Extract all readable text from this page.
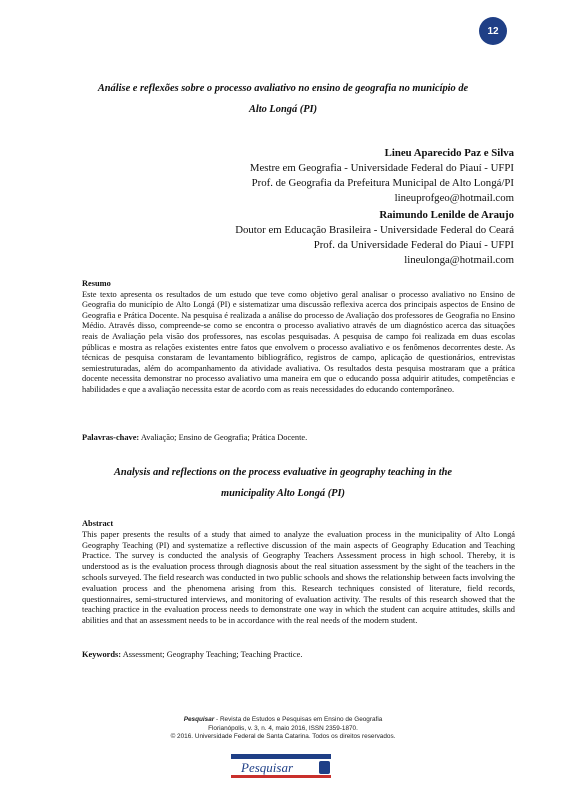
12
Análise e reflexões sobre o processo avaliativo no ensino de geografia no município de
Alto Longá (PI)
Lineu Aparecido Paz e Silva
Mestre em Geografia - Universidade Federal do Piauí - UFPI
Prof. de Geografia da Prefeitura Municipal de Alto Longá/PI
lineuprofgeo@hotmail.com
Raimundo Lenilde de Araujo
Doutor em Educação Brasileira - Universidade Federal do Ceará
Prof. da Universidade Federal do Piauí - UFPI
lineulonga@hotmail.com
Resumo
Este texto apresenta os resultados de um estudo que teve como objetivo geral analisar o processo avaliativo no Ensino de Geografia do município de Alto Longá (PI) e sistematizar uma discussão reflexiva acerca dos principais aspectos de Ensino de Geografia e Prática Docente. Na pesquisa é realizada a análise do processo de Avaliação dos professores de Geografia no Ensino Médio. Através disso, compreende-se como se encontra o processo avaliativo através de um diagnóstico acerca das situações reais de Avaliação pela visão dos professores, nas escolas pesquisadas. A pesquisa de campo foi realizada em duas escolas públicas e mostra as relações existentes entre fatos que envolvem o processo avaliativo e os fenômenos decorrentes deste. As técnicas de pesquisa constaram de levantamento bibliográfico, registros de campo, aplicação de questionários, entrevistas semiestruturadas, além do acompanhamento da atividade avaliativa. Os resultados desta pesquisa mostraram que a prática docente necessita demonstrar no processo avaliativo uma maneira em que o educando possa adquirir atitudes, competências e habilidades e que a avaliação necessita estar de acordo com as reais necessidades do educando contemporâneo.
Palavras-chave: Avaliação; Ensino de Geografia; Prática Docente.
Analysis and reflections on the process evaluative in geography teaching in the
municipality Alto Longá (PI)
Abstract
This paper presents the results of a study that aimed to analyze the evaluation process in the municipality of Alto Longá Geography Teaching (PI) and systematize a reflective discussion of the main aspects of Geography Education and Teaching Practice. The survey is conducted the analysis of Geography Teachers Assessment process in high school. Thereby, it is understood as is the evaluation process through diagnosis about the real situation assessment by the sight of the teachers in the schools surveyed. The field research was conducted in two public schools and shows the relationship between facts involving the evaluation process and the phenomena arising from this. Research techniques consisted of literature, field records, questionnaires, semi-structured interviews, and monitoring of evaluation activity. The results of this research showed that the teaching practice in the evaluation process needs to demonstrate one way in which the student can acquire attitudes, skills and abilities and that an assessment needs to be in accordance with the real needs of the modern student.
Keywords: Assessment; Geography Teaching; Teaching Practice.
Pesquisar - Revista de Estudos e Pesquisas em Ensino de Geografia
Florianópolis, v. 3, n. 4, maio 2016, ISSN 2359-1870.
© 2016. Universidade Federal de Santa Catarina. Todos os direitos reservados.
Pesquisar
